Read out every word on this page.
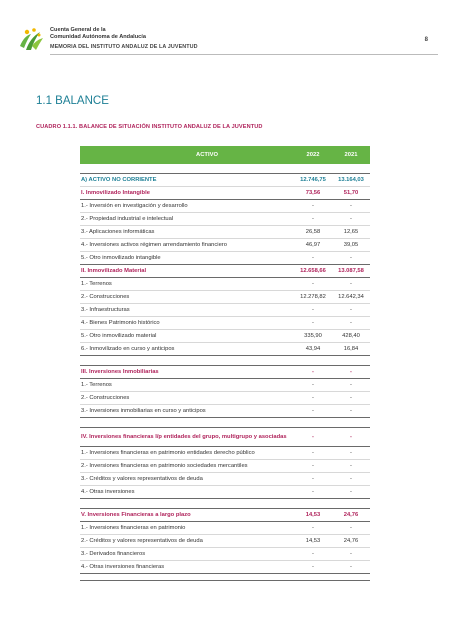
Cuenta General de la
Comunidad Autónoma de Andalucía
MEMORIA DEL INSTITUTO ANDALUZ DE LA JUVENTUD
8
1.1 BALANCE
CUADRO 1.1.1. BALANCE DE SITUACIÓN INSTITUTO ANDALUZ DE LA JUVENTUD
ACTIVO	2022	2021
A) ACTIVO NO CORRIENTE	12.746,75	13.164,03
I. Inmovilizado Intangible	73,56	51,70
1.- Inversión en investigación y desarrollo	-	-
2.- Propiedad industrial e intelectual	-	-
3.- Aplicaciones informáticas	26,58	12,65
4.- Inversiones activos régimen arrendamiento financiero	46,97	39,05
5.- Otro inmovilizado intangible	-	-
II. Inmovilizado Material	12.658,66	13.087,58
1.- Terrenos	-	-
2.- Construcciones	12.278,82	12.642,34
3.- Infraestructuras	-	-
4.- Bienes Patrimonio histórico	-	-
5.- Otro inmovilizado material	335,90	428,40
6.- Inmovilizado en curso y anticipos	43,94	16,84
III. Inversiones Inmobiliarias	-	-
1.- Terrenos	-	-
2.- Construcciones	-	-
3.- Inversiones inmobiliarias en curso y anticipos	-	-
IV. Inversiones financieras l/p entidades del grupo, multigrupo y asociadas	-	-
1.- Inversiones financieras en patrimonio entidades derecho público	-	-
2.- Inversiones financieras en patrimonio sociedades mercantiles	-	-
3.- Créditos y valores representativos de deuda	-	-
4.- Otras inversiones	-	-
V. Inversiones Financieras a largo plazo	14,53	24,76
1.- Inversiones financieras en patrimonio	-	-
2.- Créditos y valores representativos de deuda	14,53	24,76
3.- Derivados financieros	-	-
4.- Otras inversiones financieras	-	-
